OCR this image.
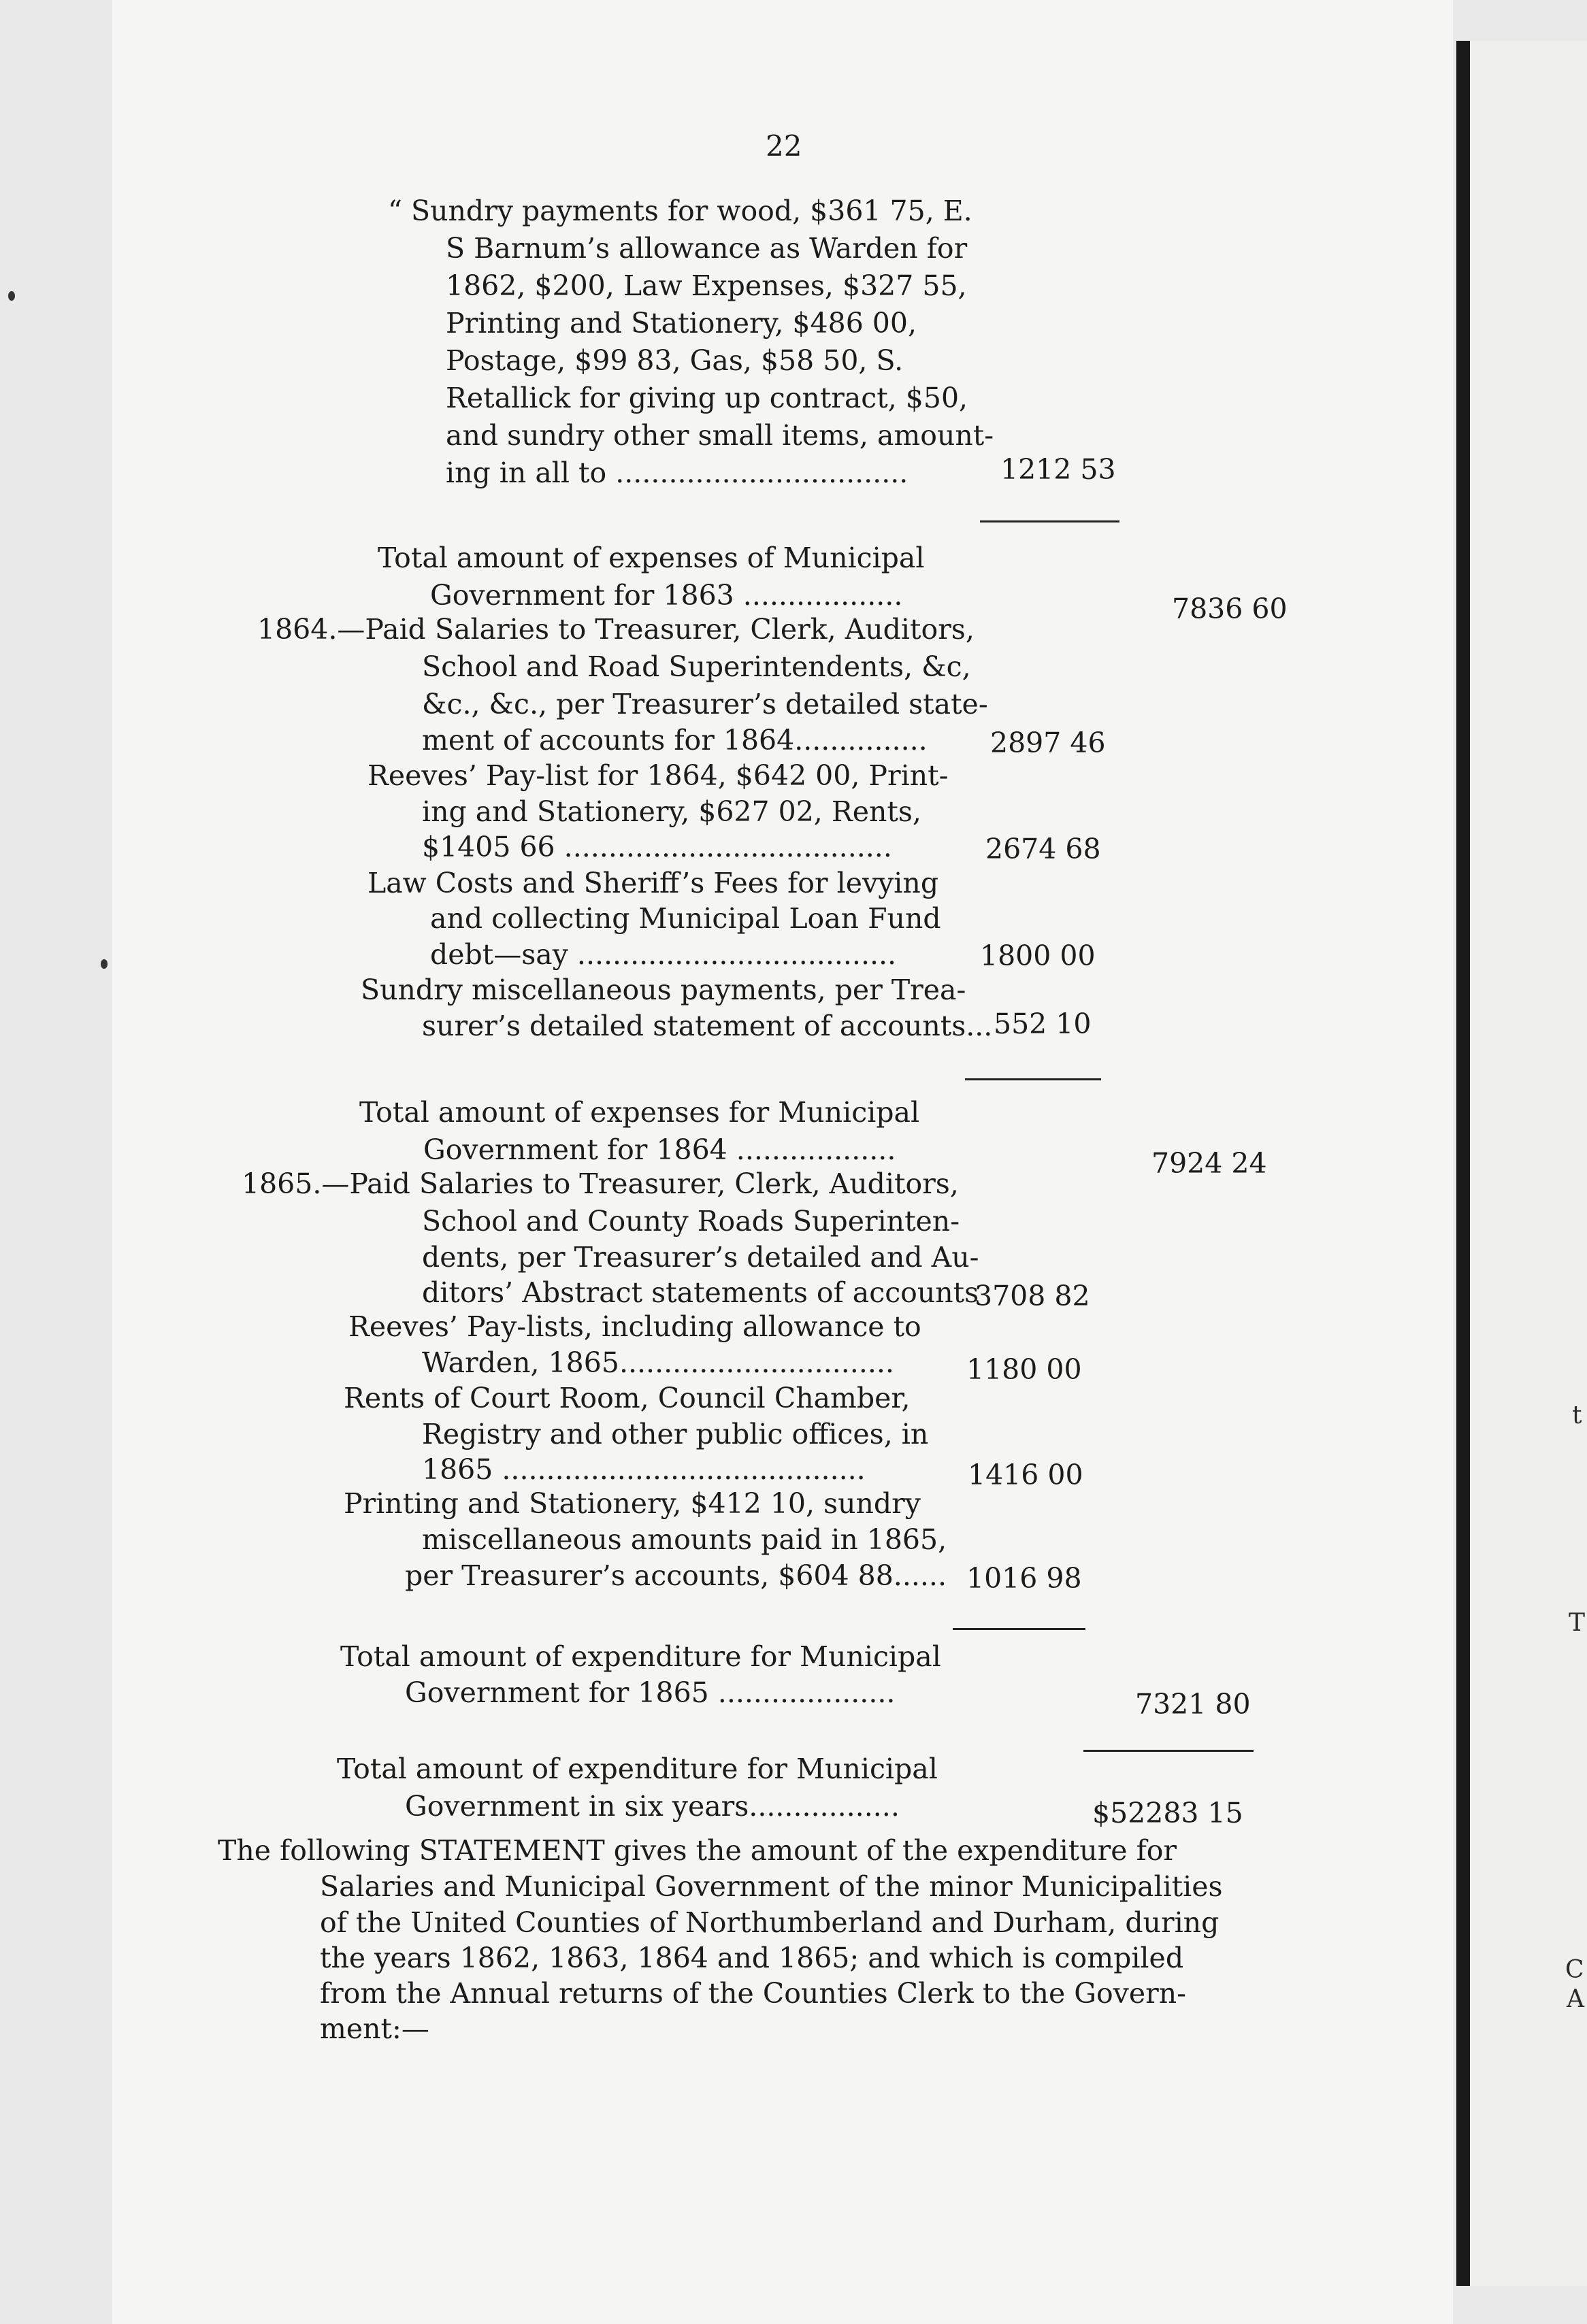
22
“ Sundry payments for wood, $361 75, E.
S Barnum’s allowance as Warden for
1862, $200, Law Expenses, $327 55,
Printing and Stationery, $486 00,
Postage, $99 83, Gas, $58 50, S.
Retallick for giving up contract, $50,
and sundry other small items, amount-
ing in all to .................................
Total amount of expenses of Municipal
Government for 1863 ..................
1864.—Paid Salaries to Treasurer, Clerk, Auditors,
School and Road Superintendents, &c,
&c., &c., per Treasurer’s detailed state-
ment of accounts for 1864...............
Reeves’ Pay-list for 1864, $642 00, Print-
ing and Stationery, $627 02, Rents,
$1405 66 .....................................
Law Costs and Sheriff’s Fees for levying
and collecting Municipal Loan Fund
debt—say ....................................
Sundry miscellaneous payments, per Trea-
surer’s detailed statement of accounts...
Total amount of expenses for Municipal
Government for 1864 ..................
1865.—Paid Salaries to Treasurer, Clerk, Auditors,
School and County Roads Superinten-
dents, per Treasurer’s detailed and Au-
ditors’ Abstract statements of accounts
Reeves’ Pay-lists, including allowance to
Warden, 1865...............................
Rents of Court Room, Council Chamber,
Registry and other public offices, in
1865 .........................................
Printing and Stationery, $412 10, sundry
miscellaneous amounts paid in 1865,
per Treasurer’s accounts, $604 88......
Total amount of expenditure for Municipal
Government for 1865 ....................
Total amount of expenditure for Municipal
Government in six years.................
The following STATEMENT gives the amount of the expenditure for
Salaries and Municipal Government of the minor Municipalities
of the United Counties of Northumberland and Durham, during
the years 1862, 1863, 1864 and 1865; and which is compiled
from the Annual returns of the Counties Clerk to the Govern-
ment:—
1212 53
7836 60
2897 46
2674 68
1800 00
552 10
7924 24
3708 82
1180 00
1416 00
1016 98
7321 80
$52283 15
t
T
C
A
